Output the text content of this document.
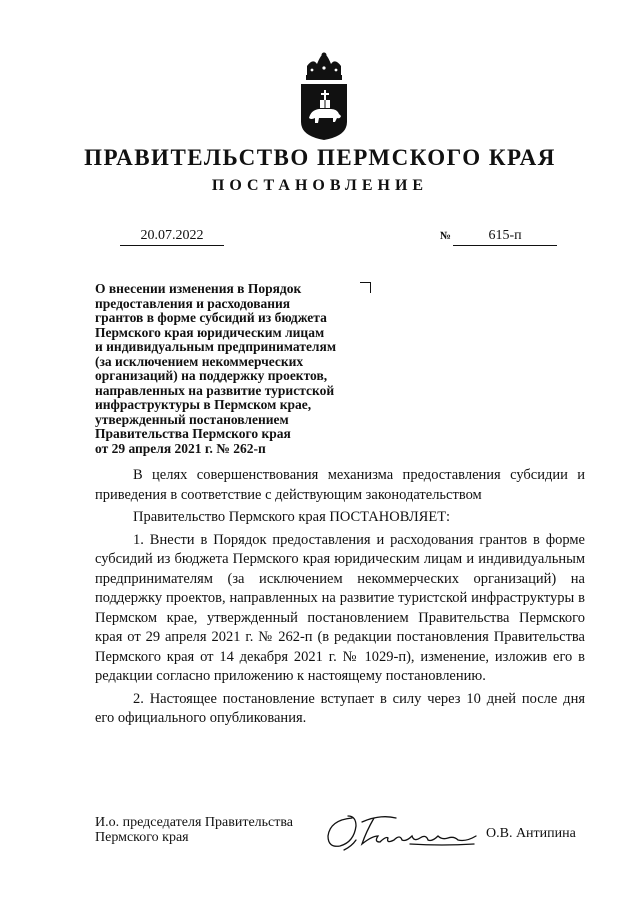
ПРАВИТЕЛЬСТВО ПЕРМСКОГО КРАЯ
ПОСТАНОВЛЕНИЕ
20.07.2022	№	615-п
О внесении изменения в Порядок
предоставления и расходования
грантов в форме субсидий из бюджета
Пермского края юридическим лицам
и индивидуальным предпринимателям
(за исключением некоммерческих
организаций) на поддержку проектов,
направленных на развитие туристской
инфраструктуры в Пермском крае,
утвержденный постановлением
Правительства Пермского края
от 29 апреля 2021 г. № 262-п

В целях совершенствования механизма предоставления субсидии и приведения в соответствие с действующим законодательством

Правительство Пермского края ПОСТАНОВЛЯЕТ:

1. Внести в Порядок предоставления и расходования грантов в форме субсидий из бюджета Пермского края юридическим лицам и индивидуальным предпринимателям (за исключением некоммерческих организаций) на поддержку проектов, направленных на развитие туристской инфраструктуры в Пермском крае, утвержденный постановлением Правительства Пермского края от 29 апреля 2021 г. № 262-п (в редакции постановления Правительства Пермского края от 14 декабря 2021 г. № 1029-п), изменение, изложив его в редакции согласно приложению к настоящему постановлению.

2. Настоящее постановление вступает в силу через 10 дней после дня его официального опубликования.

И.о. председателя Правительства
Пермского края	О.В. Антипина
